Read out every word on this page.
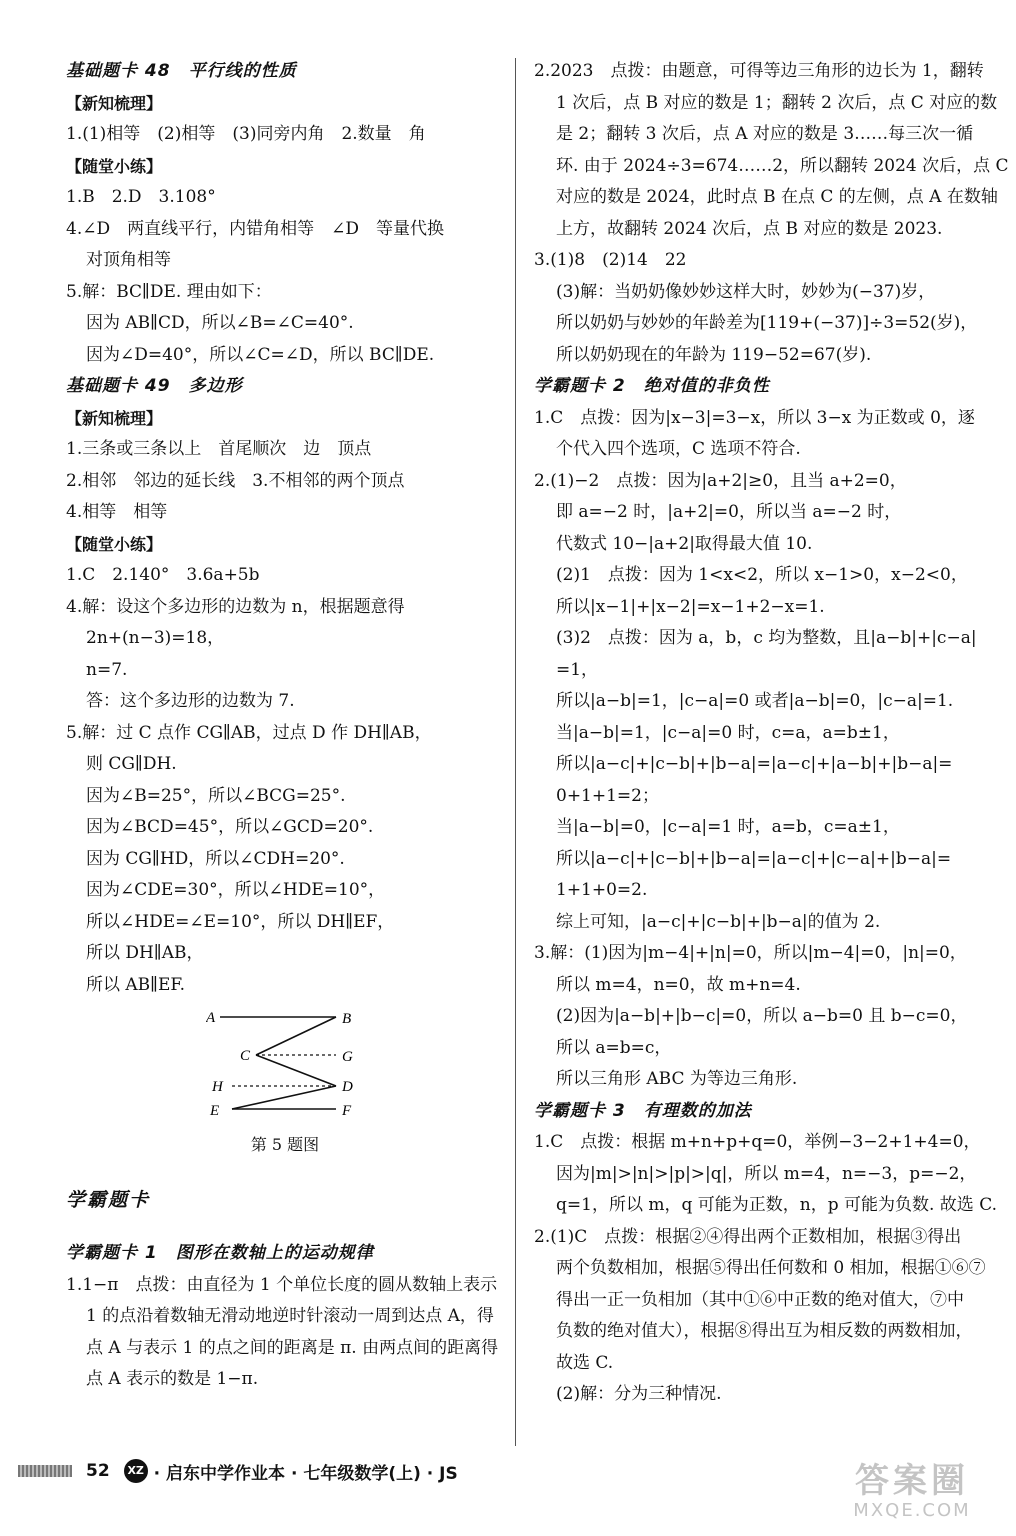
基础题卡 48　平行线的性质
【新知梳理】
1.(1)相等　(2)相等　(3)同旁内角　2.数量　角
【随堂小练】
1.B　2.D　3.108°
4.∠D　两直线平行，内错角相等　∠D　等量代换
对顶角相等
5.解：BC∥DE. 理由如下：
因为 AB∥CD，所以∠B=∠C=40°.
因为∠D=40°，所以∠C=∠D，所以 BC∥DE.
基础题卡 49　多边形
【新知梳理】
1.三条或三条以上　首尾顺次　边　顶点
2.相邻　邻边的延长线　3.不相邻的两个顶点
4.相等　相等
【随堂小练】
1.C　2.140°　3.6a+5b
4.解：设这个多边形的边数为 n，根据题意得
2n+(n−3)=18，
n=7.
答：这个多边形的边数为 7.
5.解：过 C 点作 CG∥AB，过点 D 作 DH∥AB，
则 CG∥DH.
因为∠B=25°，所以∠BCG=25°.
因为∠BCD=45°，所以∠GCD=20°.
因为 CG∥HD，所以∠CDH=20°.
因为∠CDE=30°，所以∠HDE=10°，
所以∠HDE=∠E=10°，所以 DH∥EF，
所以 DH∥AB，
所以 AB∥EF.
A	B
C	G
H	D
E	F
第 5 题图
学霸题卡
学霸题卡 1　图形在数轴上的运动规律
1.1−π　点拨：由直径为 1 个单位长度的圆从数轴上表示
1 的点沿着数轴无滑动地逆时针滚动一周到达点 A，得
点 A 与表示 1 的点之间的距离是 π. 由两点间的距离得
点 A 表示的数是 1−π.
2.2023　点拨：由题意，可得等边三角形的边长为 1，翻转
1 次后，点 B 对应的数是 1；翻转 2 次后，点 C 对应的数
是 2；翻转 3 次后，点 A 对应的数是 3……每三次一循
环. 由于 2024÷3=674……2，所以翻转 2024 次后，点 C
对应的数是 2024，此时点 B 在点 C 的左侧，点 A 在数轴
上方，故翻转 2024 次后，点 B 对应的数是 2023.
3.(1)8　(2)14　22
(3)解：当奶奶像妙妙这样大时，妙妙为(−37)岁，
所以奶奶与妙妙的年龄差为[119+(−37)]÷3=52(岁)，
所以奶奶现在的年龄为 119−52=67(岁).
学霸题卡 2　绝对值的非负性
1.C　点拨：因为|x−3|=3−x，所以 3−x 为正数或 0，逐
个代入四个选项，C 选项不符合.
2.(1)−2　点拨：因为|a+2|≥0，且当 a+2=0，
即 a=−2 时，|a+2|=0，所以当 a=−2 时，
代数式 10−|a+2|取得最大值 10.
(2)1　点拨：因为 1<x<2，所以 x−1>0，x−2<0，
所以|x−1|+|x−2|=x−1+2−x=1.
(3)2　点拨：因为 a，b，c 均为整数，且|a−b|+|c−a|
=1，
所以|a−b|=1，|c−a|=0 或者|a−b|=0，|c−a|=1.
当|a−b|=1，|c−a|=0 时，c=a，a=b±1，
所以|a−c|+|c−b|+|b−a|=|a−c|+|a−b|+|b−a|=
0+1+1=2；
当|a−b|=0，|c−a|=1 时，a=b，c=a±1，
所以|a−c|+|c−b|+|b−a|=|a−c|+|c−a|+|b−a|=
1+1+0=2.
综上可知，|a−c|+|c−b|+|b−a|的值为 2.
3.解：(1)因为|m−4|+|n|=0，所以|m−4|=0，|n|=0，
所以 m=4，n=0，故 m+n=4.
(2)因为|a−b|+|b−c|=0，所以 a−b=0 且 b−c=0，
所以 a=b=c，
所以三角形 ABC 为等边三角形.
学霸题卡 3　有理数的加法
1.C　点拨：根据 m+n+p+q=0，举例−3−2+1+4=0，
因为|m|>|n|>|p|>|q|，所以 m=4，n=−3，p=−2，
q=1，所以 m，q 可能为正数，n，p 可能为负数. 故选 C.
2.(1)C　点拨：根据②④得出两个正数相加，根据③得出
两个负数相加，根据⑤得出任何数和 0 相加，根据①⑥⑦
得出一正一负相加（其中①⑥中正数的绝对值大，⑦中
负数的绝对值大），根据⑧得出互为相反数的两数相加，
故选 C.
(2)解：分为三种情况.
52	XZ · 启东中学作业本 · 七年级数学(上) · JS	答案圈
MXQE.COM
